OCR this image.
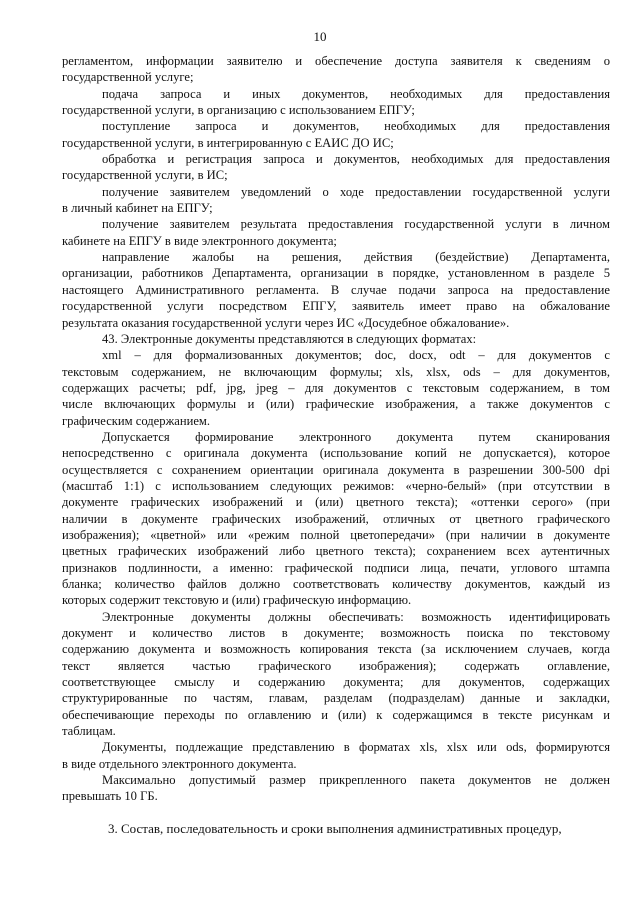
10
регламентом, информации заявителю и обеспечение доступа заявителя к сведениям о
государственной услуге;
подача запроса и иных документов, необходимых для предоставления
государственной услуги, в организацию с использованием ЕПГУ;
поступление запроса и документов, необходимых для предоставления
государственной услуги, в интегрированную с ЕАИС ДО ИС;
обработка и регистрация запроса и документов, необходимых для предоставления
государственной услуги, в ИС;
получение заявителем уведомлений о ходе предоставлении государственной услуги
в личный кабинет на ЕПГУ;
получение заявителем результата предоставления государственной услуги в личном
кабинете на ЕПГУ в виде электронного документа;
направление жалобы на решения, действия (бездействие) Департамента,
организации, работников Департамента, организации в порядке, установленном в разделе 5
настоящего Административного регламента. В случае подачи запроса на предоставление
государственной услуги посредством ЕПГУ, заявитель имеет право на обжалование
результата оказания государственной услуги через ИС «Досудебное обжалование».
43. Электронные документы представляются в следующих форматах:
xml – для формализованных документов; doc, docx, odt – для документов с
текстовым содержанием, не включающим формулы; xls, xlsx, ods – для документов,
содержащих расчеты; pdf, jpg, jpeg – для документов с текстовым содержанием, в том
числе включающих формулы и (или) графические изображения, а также документов с
графическим содержанием.
Допускается формирование электронного документа путем сканирования
непосредственно с оригинала документа (использование копий не допускается), которое
осуществляется с сохранением ориентации оригинала документа в разрешении 300-500 dpi
(масштаб 1:1) с использованием следующих режимов: «черно-белый» (при отсутствии в
документе графических изображений и (или) цветного текста); «оттенки серого» (при
наличии в документе графических изображений, отличных от цветного графического
изображения); «цветной» или «режим полной цветопередачи» (при наличии в документе
цветных графических изображений либо цветного текста); сохранением всех аутентичных
признаков подлинности, а именно: графической подписи лица, печати, углового штампа
бланка; количество файлов должно соответствовать количеству документов, каждый из
которых содержит текстовую и (или) графическую информацию.
Электронные документы должны обеспечивать: возможность идентифицировать
документ и количество листов в документе; возможность поиска по текстовому
содержанию документа и возможность копирования текста (за исключением случаев, когда
текст является частью графического изображения); содержать оглавление,
соответствующее смыслу и содержанию документа; для документов, содержащих
структурированные по частям, главам, разделам (подразделам) данные и закладки,
обеспечивающие переходы по оглавлению и (или) к содержащимся в тексте рисункам и
таблицам.
Документы, подлежащие представлению в форматах xls, xlsx или ods, формируются
в виде отдельного электронного документа.
Максимально допустимый размер прикрепленного пакета документов не должен
превышать 10 ГБ.
3. Состав, последовательность и сроки выполнения административных процедур,
